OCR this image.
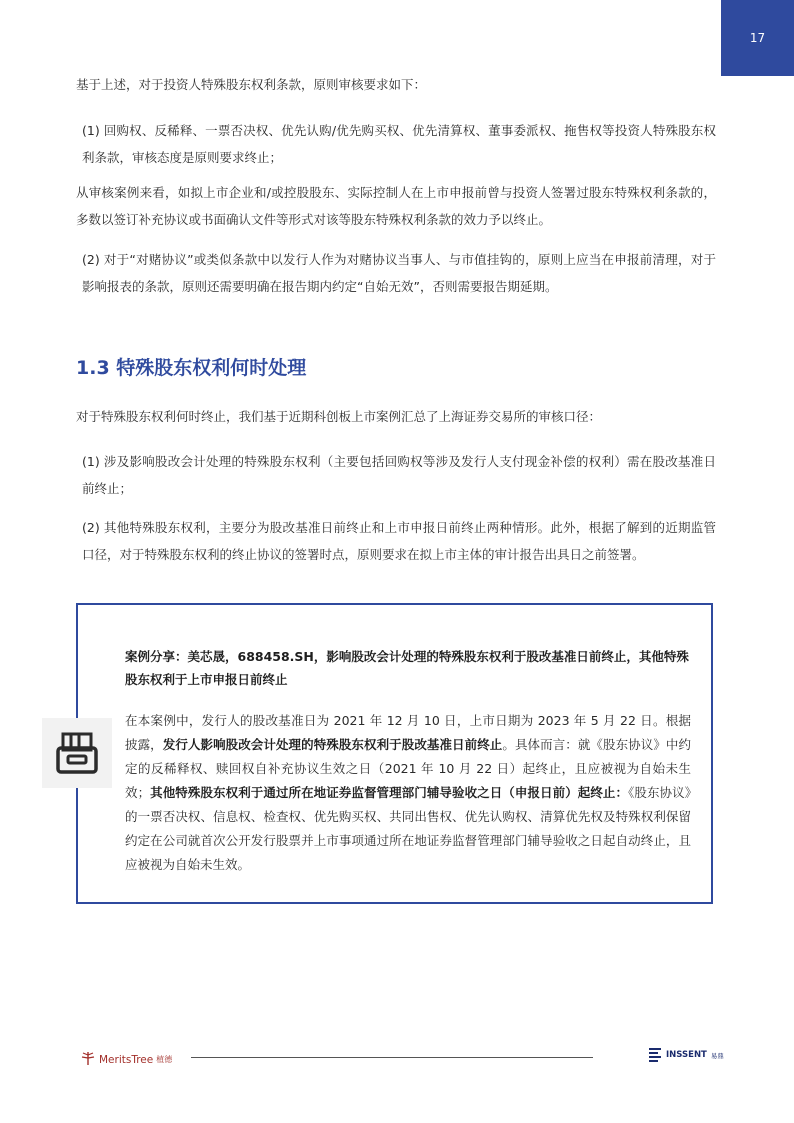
17

基于上述，对于投资人特殊股东权利条款，原则审核要求如下：

(1) 回购权、反稀释、一票否决权、优先认购/优先购买权、优先清算权、董事委派权、拖售权等投资人特殊股东权利条款，审核态度是原则要求终止；

从审核案例来看，如拟上市企业和/或控股股东、实际控制人在上市申报前曾与投资人签署过股东特殊权利条款的，多数以签订补充协议或书面确认文件等形式对该等股东特殊权利条款的效力予以终止。

(2) 对于“对赌协议”或类似条款中以发行人作为对赌协议当事人、与市值挂钩的，原则上应当在申报前清理，对于影响报表的条款，原则还需要明确在报告期内约定“自始无效”，否则需要报告期延期。

1.3 特殊股东权利何时处理

对于特殊股东权利何时终止，我们基于近期科创板上市案例汇总了上海证券交易所的审核口径：

(1) 涉及影响股改会计处理的特殊股东权利（主要包括回购权等涉及发行人支付现金补偿的权利）需在股改基准日前终止；

(2) 其他特殊股东权利，主要分为股改基准日前终止和上市申报日前终止两种情形。此外，根据了解到的近期监管口径，对于特殊股东权利的终止协议的签署时点，原则要求在拟上市主体的审计报告出具日之前签署。

案例分享：美芯晟，688458.SH，影响股改会计处理的特殊股东权利于股改基准日前终止，其他特殊股东权利于上市申报日前终止

在本案例中，发行人的股改基准日为 2021 年 12 月 10 日，上市日期为 2023 年 5 月 22 日。根据披露，发行人影响股改会计处理的特殊股东权利于股改基准日前终止。具体而言：就《股东协议》中约定的反稀释权、赎回权自补充协议生效之日（2021 年 10 月 22 日）起终止，且应被视为自始未生效；其他特殊股东权利于通过所在地证券监督管理部门辅导验收之日（申报日前）起终止：《股东协议》的一票否决权、信息权、检查权、优先购买权、共同出售权、优先认购权、清算优先权及特殊权利保留约定在公司就首次公开发行股票并上市事项通过所在地证券监督管理部门辅导验收之日起自动终止，且应被视为自始未生效。

MeritsTree 植德	INSSENT 易鼎
